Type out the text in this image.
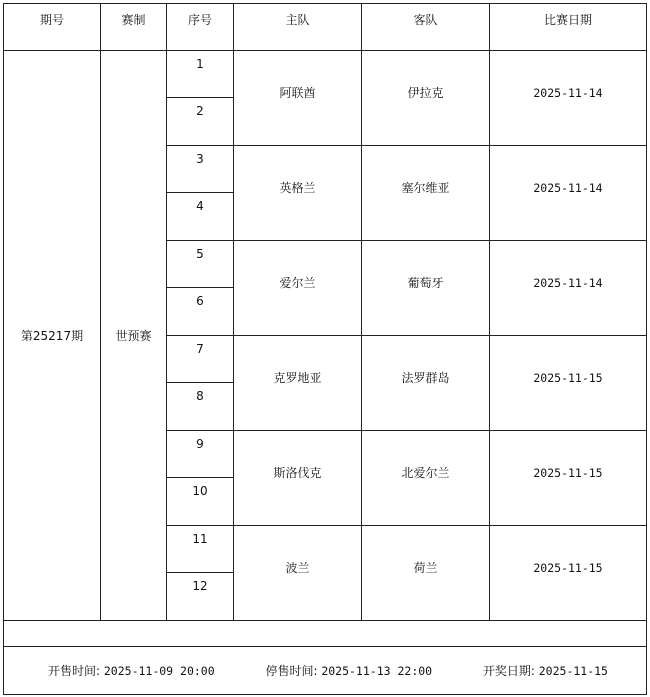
期号	赛制	序号	主队	客队	比赛日期
第25217期	世预赛	1	阿联酋	伊拉克	2025-11-14
		2			
		3	英格兰	塞尔维亚	2025-11-14
		4			
		5	爱尔兰	葡萄牙	2025-11-14
		6			
		7	克罗地亚	法罗群岛	2025-11-15
		8			
		9	斯洛伐克	北爱尔兰	2025-11-15
		10			
		11	波兰	荷兰	2025-11-15
		12			

开售时间: 2025-11-09 20:00 停售时间: 2025-11-13 22:00 开奖日期: 2025-11-15					
